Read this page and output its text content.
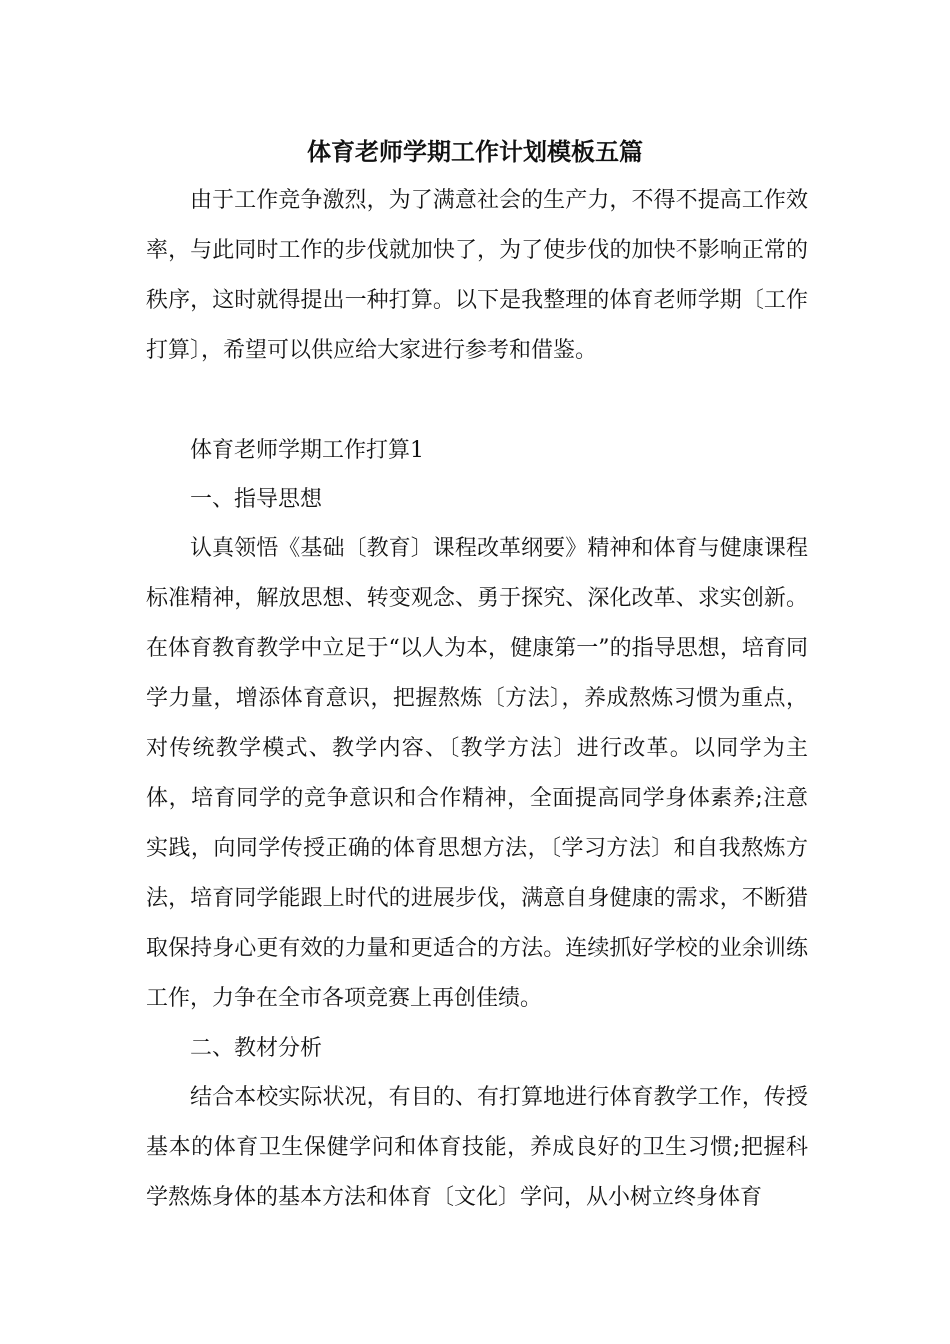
体育老师学期工作计划模板五篇

由于工作竞争激烈，为了满意社会的生产力，不得不提高工作效率，与此同时工作的步伐就加快了，为了使步伐的加快不影响正常的秩序，这时就得提出一种打算。以下是我整理的体育老师学期〔工作打算〕，希望可以供应给大家进行参考和借鉴。

体育老师学期工作打算1
一、指导思想

认真领悟《基础〔教育〕课程改革纲要》精神和体育与健康课程标准精神，解放思想、转变观念、勇于探究、深化改革、求实创新。在体育教育教学中立足于“以人为本，健康第一”的指导思想，培育同学力量，增添体育意识，把握熬炼〔方法〕，养成熬炼习惯为重点，对传统教学模式、教学内容、〔教学方法〕进行改革。以同学为主体，培育同学的竞争意识和合作精神，全面提高同学身体素养;注意实践，向同学传授正确的体育思想方法，〔学习方法〕和自我熬炼方法，培育同学能跟上时代的进展步伐，满意自身健康的需求，不断猎取保持身心更有效的力量和更适合的方法。连续抓好学校的业余训练工作，力争在全市各项竞赛上再创佳绩。

二、教材分析

结合本校实际状况，有目的、有打算地进行体育教学工作，传授基本的体育卫生保健学问和体育技能，养成良好的卫生习惯;把握科学熬炼身体的基本方法和体育〔文化〕学问，从小树立终身体育
